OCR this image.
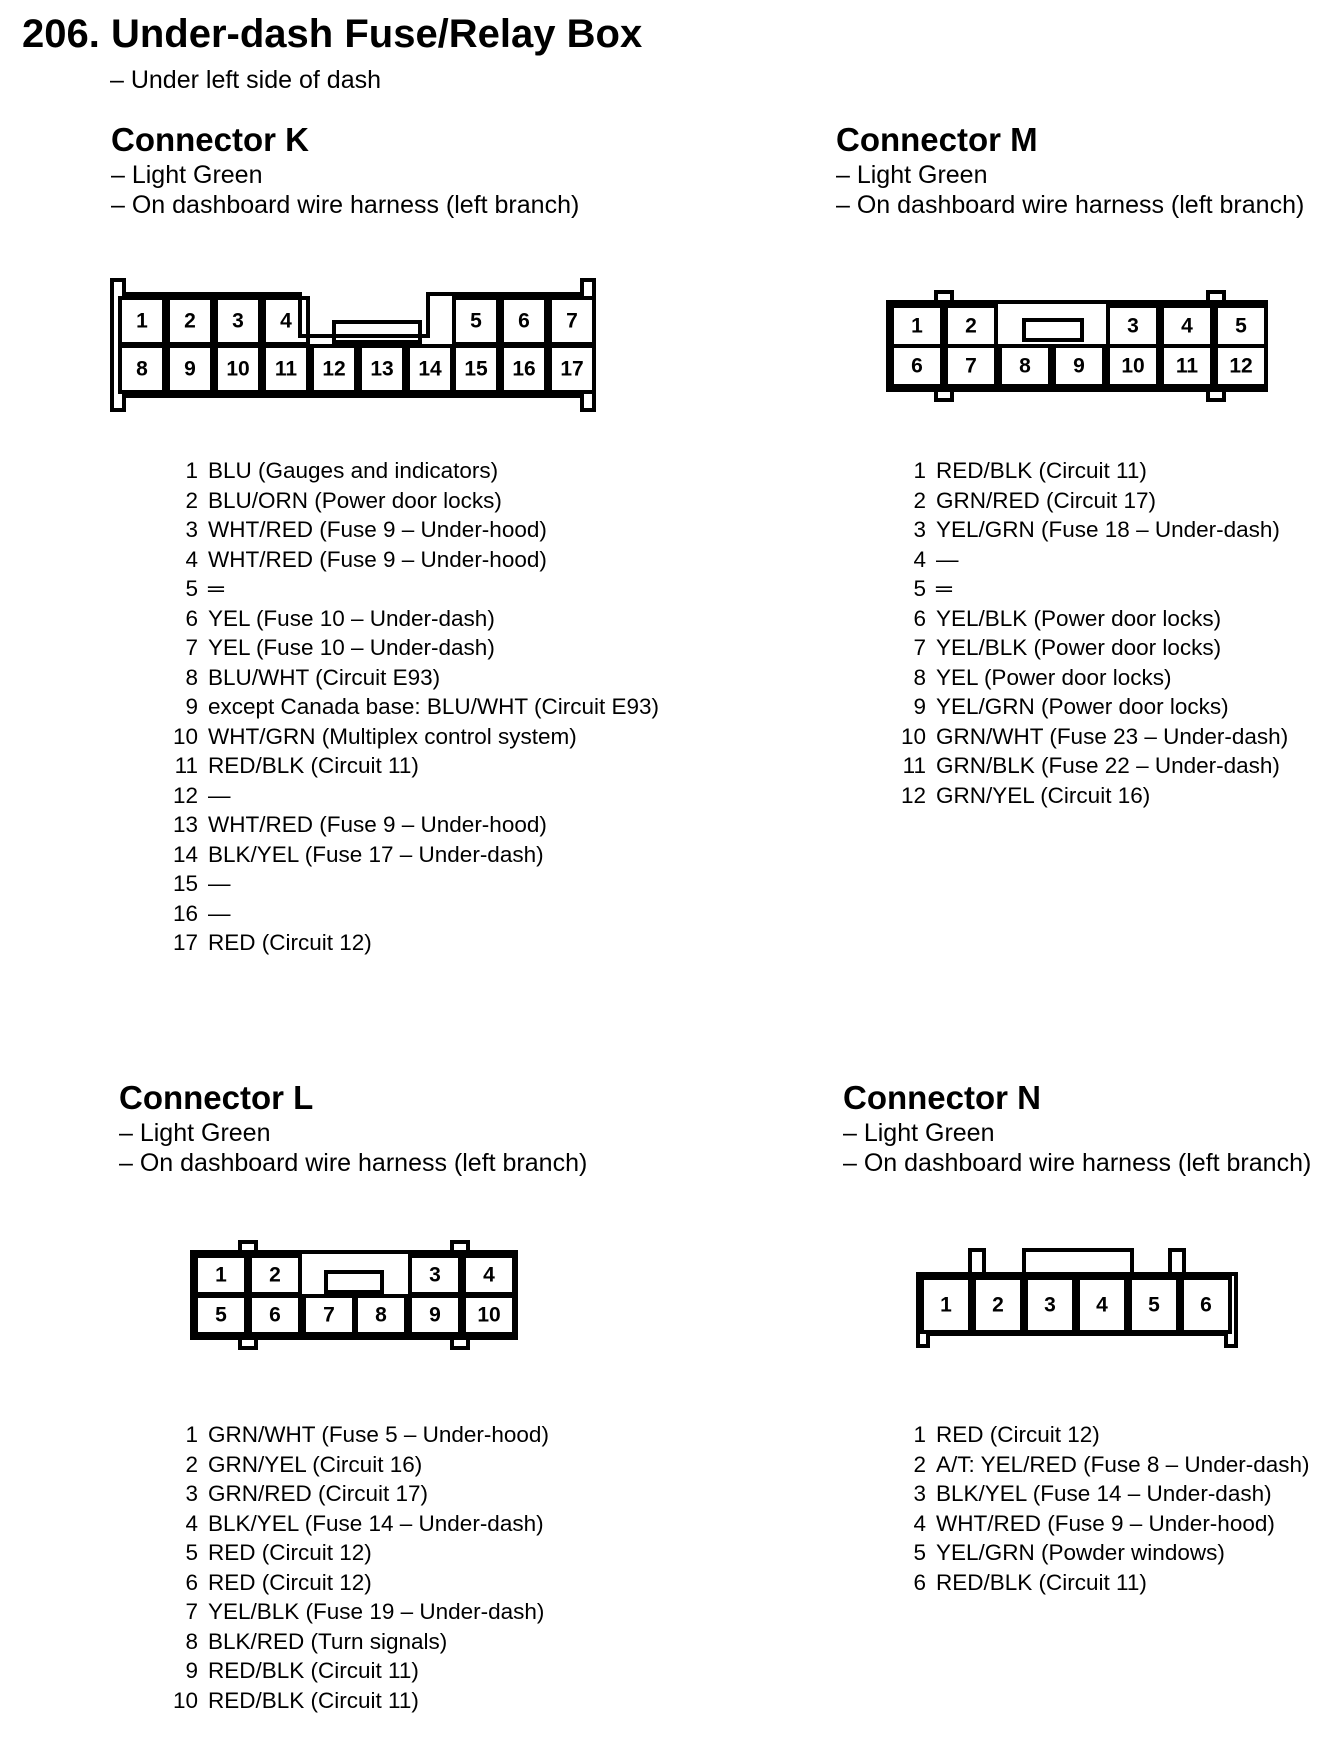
206. Under-dash Fuse/Relay Box
– Under left side of dash
Connector K
– Light Green
– On dashboard wire harness (left branch)
1 2 3 4	5 6 7
8 9 10 11 12 13 14 15 16 17
1 BLU (Gauges and indicators)
2 BLU/ORN (Power door locks)
3 WHT/RED (Fuse 9 – Under-hood)
4 WHT/RED (Fuse 9 – Under-hood)
5 ═
6 YEL (Fuse 10 – Under-dash)
7 YEL (Fuse 10 – Under-dash)
8 BLU/WHT (Circuit E93)
9 except Canada base: BLU/WHT (Circuit E93)
10 WHT/GRN (Multiplex control system)
11 RED/BLK (Circuit 11)
12 —
13 WHT/RED (Fuse 9 – Under-hood)
14 BLK/YEL (Fuse 17 – Under-dash)
15 —
16 —
17 RED (Circuit 12)
Connector M
– Light Green
– On dashboard wire harness (left branch)
1 2	3 4 5
6 7 8 9 10 11 12
1 RED/BLK (Circuit 11)
2 GRN/RED (Circuit 17)
3 YEL/GRN (Fuse 18 – Under-dash)
4 —
5 ═
6 YEL/BLK (Power door locks)
7 YEL/BLK (Power door locks)
8 YEL (Power door locks)
9 YEL/GRN (Power door locks)
10 GRN/WHT (Fuse 23 – Under-dash)
11 GRN/BLK (Fuse 22 – Under-dash)
12 GRN/YEL (Circuit 16)
Connector L
– Light Green
– On dashboard wire harness (left branch)
1 2	3 4
5 6 7 8 9 10
1 GRN/WHT (Fuse 5 – Under-hood)
2 GRN/YEL (Circuit 16)
3 GRN/RED (Circuit 17)
4 BLK/YEL (Fuse 14 – Under-dash)
5 RED (Circuit 12)
6 RED (Circuit 12)
7 YEL/BLK (Fuse 19 – Under-dash)
8 BLK/RED (Turn signals)
9 RED/BLK (Circuit 11)
10 RED/BLK (Circuit 11)
Connector N
– Light Green
– On dashboard wire harness (left branch)
1 2 3 4 5 6
1 RED (Circuit 12)
2 A/T: YEL/RED (Fuse 8 – Under-dash)
3 BLK/YEL (Fuse 14 – Under-dash)
4 WHT/RED (Fuse 9 – Under-hood)
5 YEL/GRN (Powder windows)
6 RED/BLK (Circuit 11)
